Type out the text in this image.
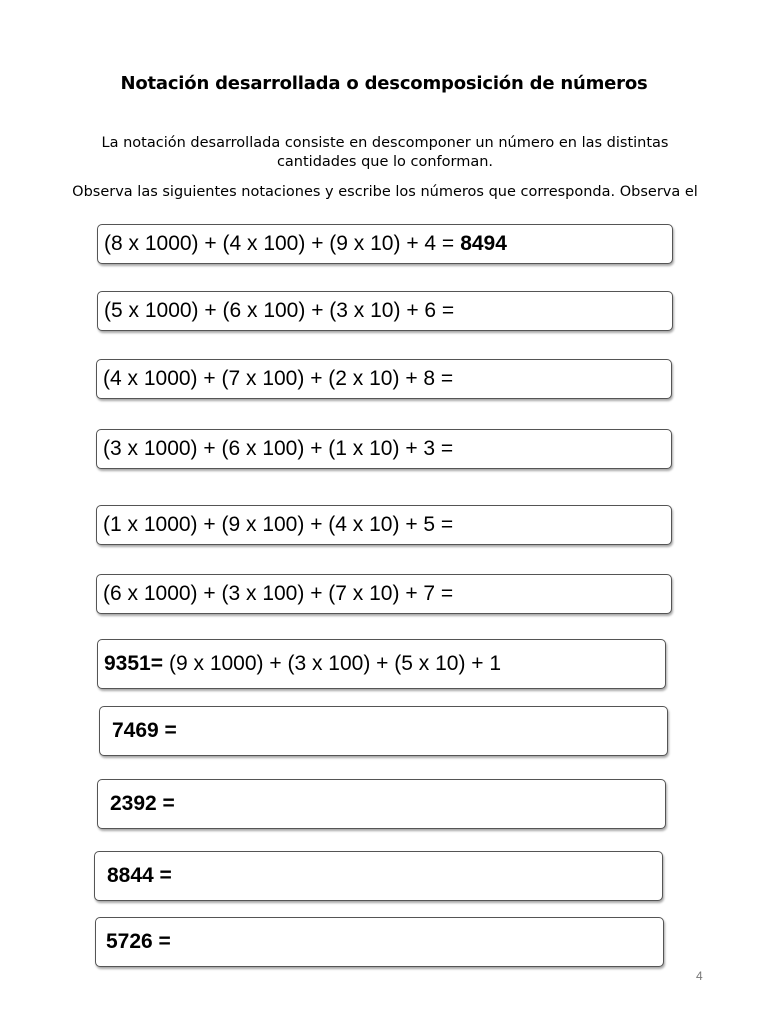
Notación desarrollada o descomposición de números
La notación desarrollada consiste en descomponer un número en las distintas cantidades que lo conforman.
Observa las siguientes notaciones y escribe los números que corresponda. Observa el
(8 x 1000) + (4 x 100) + (9 x 10) + 4 = 8494
(5 x 1000) + (6 x 100) + (3 x 10) + 6 =
(4 x 1000) + (7 x 100) + (2 x 10) + 8 =
(3 x 1000) + (6 x 100) + (1 x 10) + 3 =
(1 x 1000) + (9 x 100) + (4 x 10) + 5 =
(6 x 1000) + (3 x 100) + (7 x 10) + 7 =
9351= (9 x 1000) + (3 x 100) + (5 x 10) + 1
7469 =
2392 =
8844 =
5726 =
4
